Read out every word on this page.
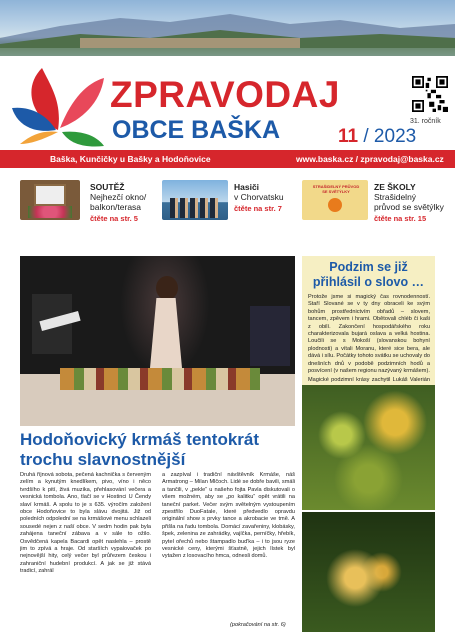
ZPRAVODAJ
OBCE BAŠKA	11 / 2023
31. ročník
Baška, Kunčičky u Bašky a Hodoňovice	www.baska.cz / zpravodaj@baska.cz
SOUTĚŽ
Nejhezčí okno/ balkon/terasa
čtěte na str. 5
Hasiči
v Chorvatsku
čtěte na str. 7
STRAŠIDELNÝ PRŮVOD
SE SVĚTÝLKY	ZE ŠKOLY
Strašidelný průvod se světýlky
čtěte na str. 15
Hodoňovický krmáš tentokrát trochu slavnostnější
Druhá říjnová sobota, pečená kachnička s červeným zelím a kynutým knedlíkem, pivo, víno i něco tvrdšího k pití, živá muzika, přehlasování večera a vesnická tombola. Ano, tlačí se v Hostinci U Čendy slaví krmáš. A spolu to je s 635. výročím založení obce Hodoňovice to byla slávu dvojitá. Již od poledních odpolední se na krmášové menu schlazeli sousedé nejen z naší obce. V sedm hodin pak byla zahájena taneční zábava a v sále to ožilo. Osvědčená kapela Bacardi opět naslehla – prostě jim to zpívá a hraje. Od starších vypalovaček po nejnovější hity, celý večer byl průřezem českou i zahraniční hudební produkcí. A jak se již stává tradicí, zahrál
a zazpíval i tradiční návštěvník Krmáše, náš Armatrong – Milan Mlčoch. Lidé se dobře bavili, smáli a tančili, v „pekle“ u našeho fojta Pavla diskutovali o všem možném, aby se „po kalitku“ opět vrátili na taneční parket. Večer svým světelným vystoupením zpestřilo DuoFatale, které předvedlo opravdu originální show s prvky tance a akrobacie ve tmě. A přišla na řadu tombola. Domácí zavařeniny, klobásky, špek, zelenina ze zahrádky, vajíčka, perníčky, hřebík, pytel ořechů nebo štampadlo bud'ka – i to jsou ryze vesnické ceny, kterými šťastně, jejich lístek byl vytažen z losovacího hmca, odnesli domů.
(pokračování na str. 6)
Podzim se již přihlásil o slovo …
Protože jsme si magický čas rovnodenností. Staří Slované se v ty dny obraceli ke svým bohům prostřednictvím obřadů – slovem, tancem, zpěvem i hrami. Obětovali chléb či kaši z obilí. Zakončení hospodářského roku charakterizovala bujará oslava a velká hostina. Loučili se s Mokoší (slovanskou bohyní plodnosti) a vítali Moranu, které sice bera, ale dává i sílu. Počátky tohoto svátku se uchovaly do dnešních dnů v podobě podzimních hodů a posvícení (v našem regionu nazývaný krmášem).
Magické podzimní krásy zachytil Lukáš Valerián
